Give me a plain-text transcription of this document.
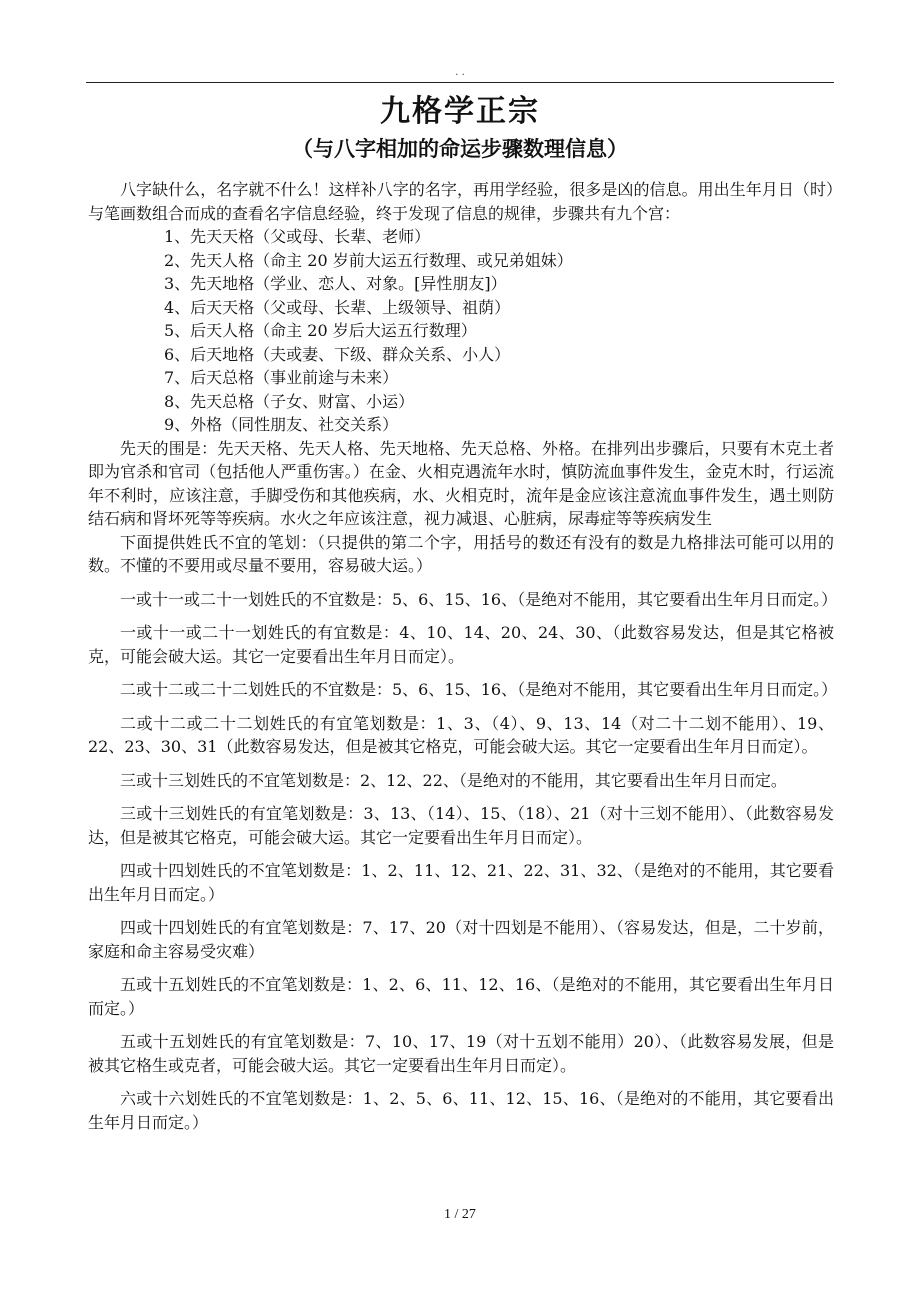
. .
九格学正宗
（与八字相加的命运步骤数理信息）

八字缺什么，名字就不什么！这样补八字的名字，再用学经验，很多是凶的信息。用出生年月日（时）与笔画数组合而成的查看名字信息经验，终于发现了信息的规律，步骤共有九个宫：

1、先天天格（父或母、长辈、老师）

2、先天人格（命主 20 岁前大运五行数理、或兄弟姐妹）

3、先天地格（学业、恋人、对象。[异性朋友]）

4、后天天格（父或母、长辈、上级领导、祖荫）

5、后天人格（命主 20 岁后大运五行数理）

6、后天地格（夫或妻、下级、群众关系、小人）

7、后天总格（事业前途与未来）

8、先天总格（子女、财富、小运）

9、外格（同性朋友、社交关系）

先天的围是：先天天格、先天人格、先天地格、先天总格、外格。在排列出步骤后，只要有木克土者即为官杀和官司（包括他人严重伤害。）在金、火相克遇流年水时，慎防流血事件发生，金克木时，行运流年不利时，应该注意，手脚受伤和其他疾病，水、火相克时，流年是金应该注意流血事件发生，遇土则防结石病和肾坏死等等疾病。水火之年应该注意，视力减退、心脏病，尿毒症等等疾病发生

下面提供姓氏不宜的笔划：（只提供的第二个字，用括号的数还有没有的数是九格排法可能可以用的数。不懂的不要用或尽量不要用，容易破大运。）

一或十一或二十一划姓氏的不宜数是：5、6、15、16、（是绝对不能用，其它要看出生年月日而定。）

一或十一或二十一划姓氏的有宜数是：4、10、14、20、24、30、（此数容易发达，但是其它格被克，可能会破大运。其它一定要看出生年月日而定）。

二或十二或二十二划姓氏的不宜数是：5、6、15、16、（是绝对不能用，其它要看出生年月日而定。）

二或十二或二十二划姓氏的有宜笔划数是：1、3、（4）、9、13、14（对二十二划不能用）、19、22、23、30、31（此数容易发达，但是被其它格克，可能会破大运。其它一定要看出生年月日而定）。

三或十三划姓氏的不宜笔划数是：2、12、22、（是绝对的不能用，其它要看出生年月日而定。

三或十三划姓氏的有宜笔划数是：3、13、（14）、15、（18）、21（对十三划不能用）、（此数容易发达，但是被其它格克，可能会破大运。其它一定要看出生年月日而定）。

四或十四划姓氏的不宜笔划数是：1、2、11、12、21、22、31、32、（是绝对的不能用，其它要看出生年月日而定。）

四或十四划姓氏的有宜笔划数是：7、17、20（对十四划是不能用）、（容易发达，但是，二十岁前，家庭和命主容易受灾难）

五或十五划姓氏的不宜笔划数是：1、2、6、11、12、16、（是绝对的不能用，其它要看出生年月日而定。）

五或十五划姓氏的有宜笔划数是：7、10、17、19（对十五划不能用）20）、（此数容易发展，但是被其它格生或克者，可能会破大运。其它一定要看出生年月日而定）。

六或十六划姓氏的不宜笔划数是：1、2、5、6、11、12、15、16、（是绝对的不能用，其它要看出生年月日而定。）

1 / 27
